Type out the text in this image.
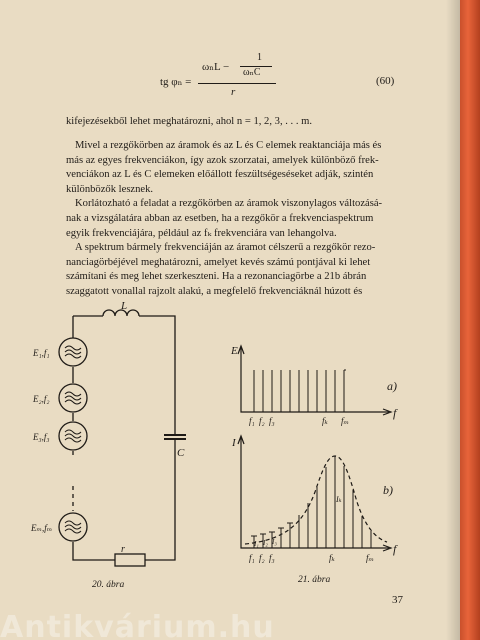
tg φₙ =
ωₙL −
1
ωₙC
r
(60)
kifejezésekből lehet meghatározni, ahol n = 1, 2, 3, . . . m.
Mivel a rezgőkörben az áramok és az L és C elemek reaktanciája más és
más az egyes frekvenciákon, így azok szorzatai, amelyek különböző frek-
venciákon az L és C elemeken előállott feszültségeséseket adják, szintén
különbözők lesznek.
Korlátozható a feladat a rezgőkörben az áramok viszonylagos változásá-
nak a vizsgálatára abban az esetben, ha a rezgőkör a frekvenciaspektrum
egyik frekvenciájára, például az fₖ frekvenciára van lehangolva.
A spektrum bármely frekvenciáján az áramot célszerű a rezgőkör rezo-
nanciagörbéjével meghatározni, amelyet kevés számú pontjával ki lehet
számítani és meg lehet szerkeszteni. Ha a rezonanciagörbe a 21b ábrán
szaggatott vonallal rajzolt alakú, a megfelelő frekvenciáknál húzott és
L
C
r
E₁,f₁
E₂,f₂
E₃,f₃
Eₘ,fₘ
20. ábra
E
f
a)
f₁ f₂ f₃	fₖ fₘ
I
f
b)
Iₖ
I₁ I₂ I₃
f₁ f₂ f₃	fₖ	fₘ
21. ábra
37
Antikvárium.hu
